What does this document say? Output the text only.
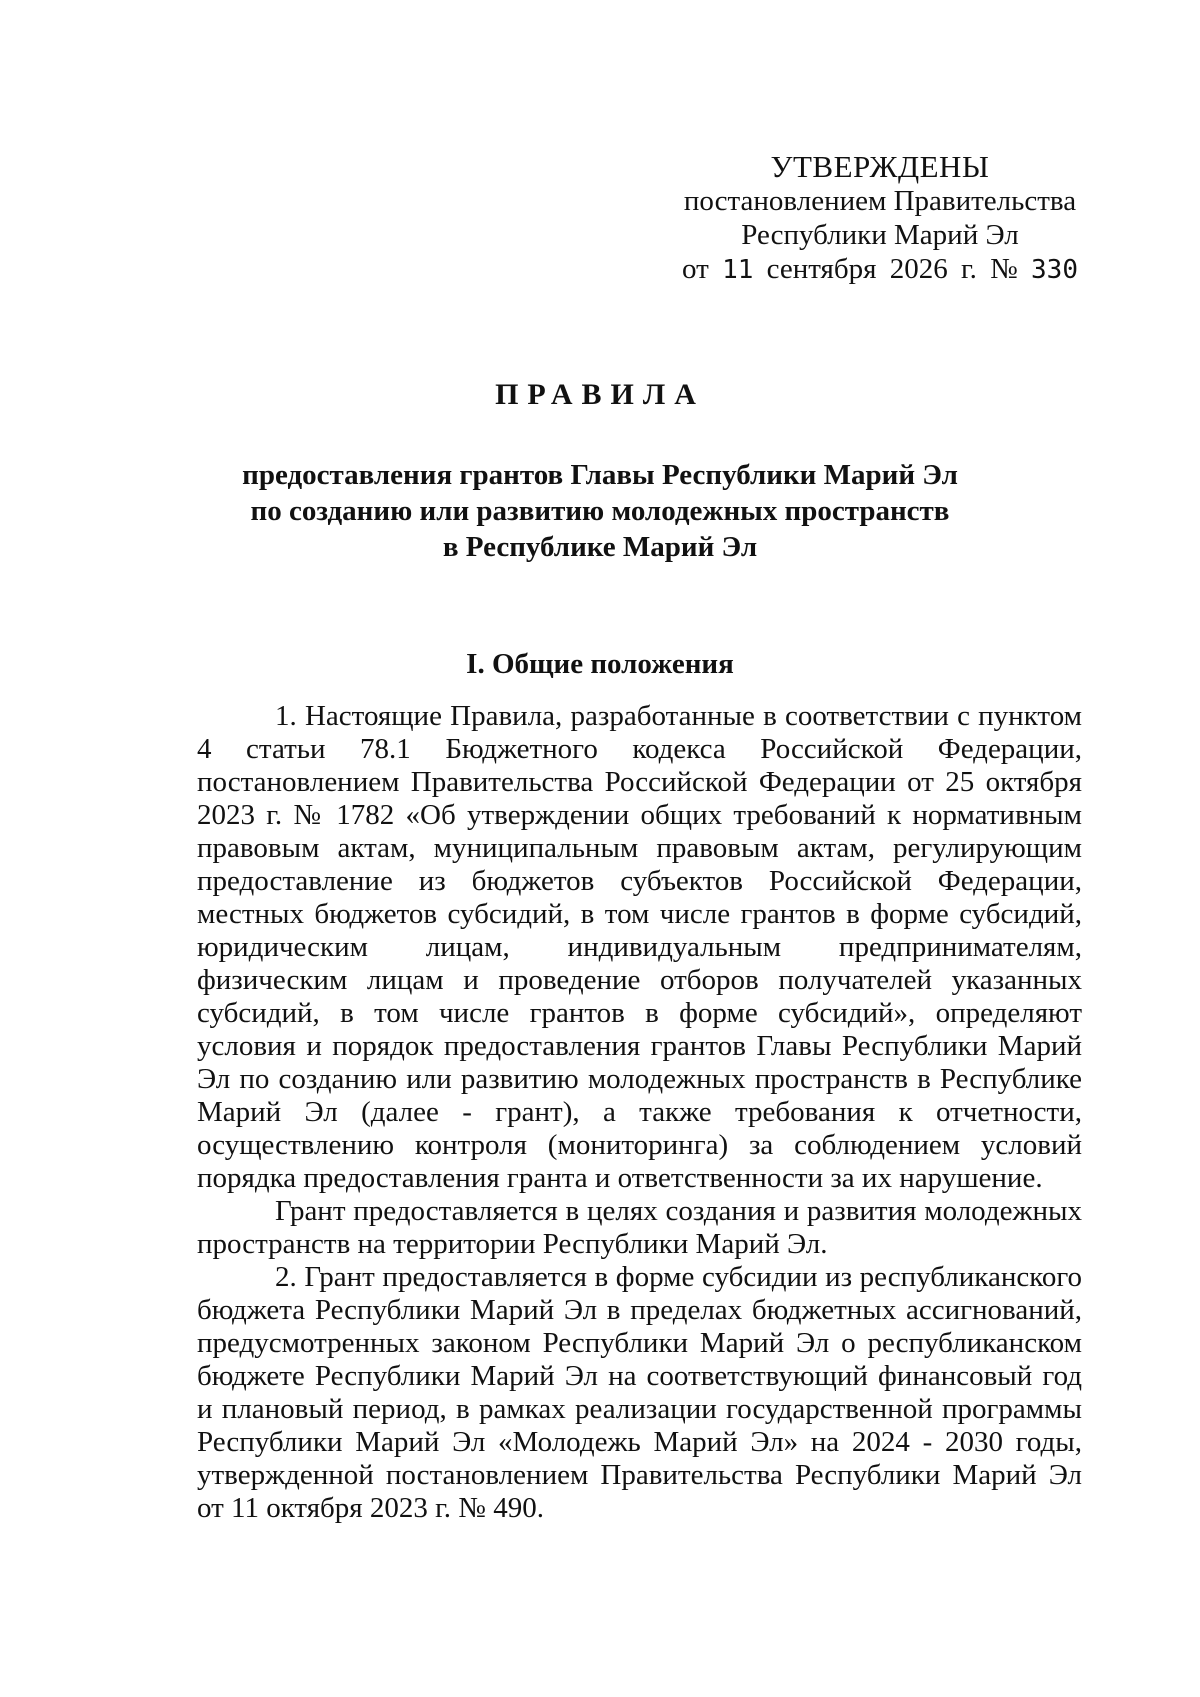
УТВЕРЖДЕНЫ
постановлением Правительства
Республики Марий Эл
от 11 сентября 2026 г. № 330
ПРАВИЛА
предоставления грантов Главы Республики Марий Эл
по созданию или развитию молодежных пространств
в Республике Марий Эл
I. Общие положения

1. Настоящие Правила, разработанные в соответствии с пунктом 4 статьи 78.1 Бюджетного кодекса Российской Федерации, постановлением Правительства Российской Федерации от 25 октября 2023 г. № 1782 «Об утверждении общих требований к нормативным правовым актам, муниципальным правовым актам, регулирующим предоставление из бюджетов субъектов Российской Федерации, местных бюджетов субсидий, в том числе грантов в форме субсидий, юридическим лицам, индивидуальным предпринимателям, физическим лицам и проведение отборов получателей указанных субсидий, в том числе грантов в форме субсидий», определяют условия и порядок предоставления грантов Главы Республики Марий Эл по созданию или развитию молодежных пространств в Республике Марий Эл (далее - грант), а также требования к отчетности, осуществлению контроля (мониторинга) за соблюдением условий порядка предоставления гранта и ответственности за их нарушение.

Грант предоставляется в целях создания и развития молодежных пространств на территории Республики Марий Эл.

2. Грант предоставляется в форме субсидии из республиканского бюджета Республики Марий Эл в пределах бюджетных ассигнований, предусмотренных законом Республики Марий Эл о республиканском бюджете Республики Марий Эл на соответствующий финансовый год и плановый период, в рамках реализации государственной программы Республики Марий Эл «Молодежь Марий Эл» на 2024 - 2030 годы, утвержденной постановлением Правительства Республики Марий Эл от 11 октября 2023 г. № 490.
